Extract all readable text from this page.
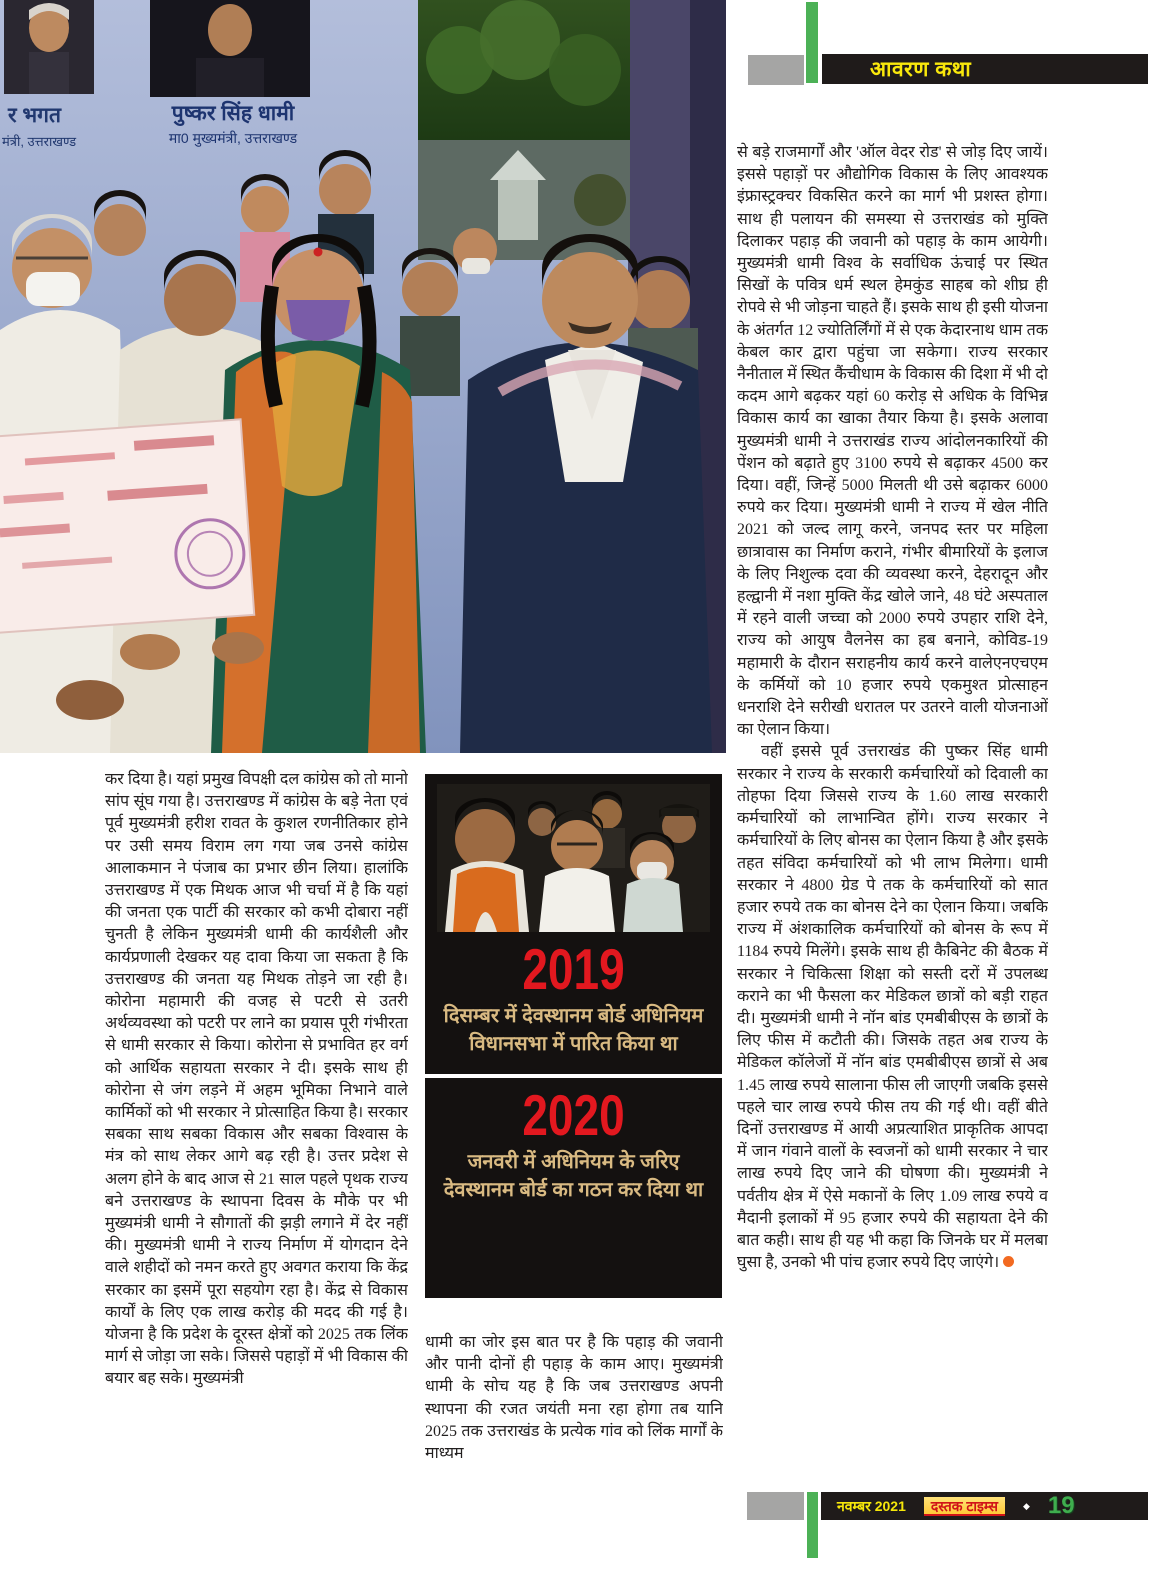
र भगत
मंत्री, उत्तराखण्ड
पुष्कर सिंह धामी
मा0 मुख्यमंत्री, उत्तराखण्ड
आवरण कथा

से बड़े राजमार्गों और 'ऑल वेदर रोड' से जोड़ दिए जायें। इससे पहाड़ों पर औद्योगिक विकास के लिए आवश्यक इंफ्रास्ट्रक्चर विकसित करने का मार्ग भी प्रशस्त होगा। साथ ही पलायन की समस्या से उत्तराखंड को मुक्ति दिलाकर पहाड़ की जवानी को पहाड़ के काम आयेगी। मुख्यमंत्री धामी विश्व के सर्वाधिक ऊंचाई पर स्थित सिखों के पवित्र धर्म स्थल हेमकुंड साहब को शीघ्र ही रोपवे से भी जोड़ना चाहते हैं। इसके साथ ही इसी योजना के अंतर्गत 12 ज्योतिर्लिंगों में से एक केदारनाथ धाम तक केबल कार द्वारा पहुंचा जा सकेगा। राज्य सरकार नैनीताल में स्थित कैंचीधाम के विकास की दिशा में भी दो कदम आगे बढ़कर यहां 60 करोड़ से अधिक के विभिन्न विकास कार्य का खाका तैयार किया है। इसके अलावा मुख्यमंत्री धामी ने उत्तराखंड राज्य आंदोलनकारियों की पेंशन को बढ़ाते हुए 3100 रुपये से बढ़ाकर 4500 कर दिया। वहीं, जिन्हें 5000 मिलती थी उसे बढ़ाकर 6000 रुपये कर दिया। मुख्यमंत्री धामी ने राज्य में खेल नीति 2021 को जल्द लागू करने, जनपद स्तर पर महिला छात्रावास का निर्माण कराने, गंभीर बीमारियों के इलाज के लिए निशुल्क दवा की व्यवस्था करने, देहरादून और हल्द्वानी में नशा मुक्ति केंद्र खोले जाने, 48 घंटे अस्पताल में रहने वाली जच्चा को 2000 रुपये उपहार राशि देने, राज्य को आयुष वैलनेस का हब बनाने, कोविड-19 महामारी के दौरान सराहनीय कार्य करने वालेएनएचएम के कर्मियों को 10 हजार रुपये एकमुश्त प्रोत्साहन धनराशि देने सरीखी धरातल पर उतरने वाली योजनाओं का ऐलान किया।

वहीं इससे पूर्व उत्तराखंड की पुष्कर सिंह धामी सरकार ने राज्य के सरकारी कर्मचारियों को दिवाली का तोहफा दिया जिससे राज्य के 1.60 लाख सरकारी कर्मचारियों को लाभान्वित होंगे। राज्य सरकार ने कर्मचारियों के लिए बोनस का ऐलान किया है और इसके तहत संविदा कर्मचारियों को भी लाभ मिलेगा। धामी सरकार ने 4800 ग्रेड पे तक के कर्मचारियों को सात हजार रुपये तक का बोनस देने का ऐलान किया। जबकि राज्य में अंशकालिक कर्मचारियों को बोनस के रूप में 1184 रुपये मिलेंगे। इसके साथ ही कैबिनेट की बैठक में सरकार ने चिकित्सा शिक्षा को सस्ती दरों में उपलब्ध कराने का भी फैसला कर मेडिकल छात्रों को बड़ी राहत दी। मुख्यमंत्री धामी ने नॉन बांड एमबीबीएस के छात्रों के लिए फीस में कटौती की। जिसके तहत अब राज्य के मेडिकल कॉलेजों में नॉन बांड एमबीबीएस छात्रों से अब 1.45 लाख रुपये सालाना फीस ली जाएगी जबकि इससे पहले चार लाख रुपये फीस तय की गई थी। वहीं बीते दिनों उत्तराखण्ड में आयी अप्रत्याशित प्राकृतिक आपदा में जान गंवाने वालों के स्वजनों को धामी सरकार ने चार लाख रुपये दिए जाने की घोषणा की। मुख्यमंत्री ने पर्वतीय क्षेत्र में ऐसे मकानों के लिए 1.09 लाख रुपये व मैदानी इलाकों में 95 हजार रुपये की सहायता देने की बात कही। साथ ही यह भी कहा कि जिनके घर में मलबा घुसा है, उनको भी पांच हजार रुपये दिए जाएंगे।

कर दिया है। यहां प्रमुख विपक्षी दल कांग्रेस को तो मानो सांप सूंघ गया है। उत्तराखण्ड में कांग्रेस के बड़े नेता एवं पूर्व मुख्यमंत्री हरीश रावत के कुशल रणनीतिकार होने पर उसी समय विराम लग गया जब उनसे कांग्रेस आलाकमान ने पंजाब का प्रभार छीन लिया। हालांकि उत्तराखण्ड में एक मिथक आज भी चर्चा में है कि यहां की जनता एक पार्टी की सरकार को कभी दोबारा नहीं चुनती है लेकिन मुख्यमंत्री धामी की कार्यशैली और कार्यप्रणाली देखकर यह दावा किया जा सकता है कि उत्तराखण्ड की जनता यह मिथक तोड़ने जा रही है। कोरोना महामारी की वजह से पटरी से उतरी अर्थव्यवस्था को पटरी पर लाने का प्रयास पूरी गंभीरता से धामी सरकार से किया। कोरोना से प्रभावित हर वर्ग को आर्थिक सहायता सरकार ने दी। इसके साथ ही कोरोना से जंग लड़ने में अहम भूमिका निभाने वाले कार्मिकों को भी सरकार ने प्रोत्साहित किया है। सरकार सबका साथ सबका विकास और सबका विश्वास के मंत्र को साथ लेकर आगे बढ़ रही है। उत्तर प्रदेश से अलग होने के बाद आज से 21 साल पहले पृथक राज्य बने उत्तराखण्ड के स्थापना दिवस के मौके पर भी मुख्यमंत्री धामी ने सौगातों की झड़ी लगाने में देर नहीं की। मुख्यमंत्री धामी ने राज्य निर्माण में योगदान देने वाले शहीदों को नमन करते हुए अवगत कराया कि केंद्र सरकार का इसमें पूरा सहयोग रहा है। केंद्र से विकास कार्यों के लिए एक लाख करोड़ की मदद की गई है। योजना है कि प्रदेश के दूरस्त क्षेत्रों को 2025 तक लिंक मार्ग से जोड़ा जा सके। जिससे पहाड़ों में भी विकास की बयार बह सके। मुख्यमंत्री

2019
दिसम्बर में देवस्थानम बोर्ड अधिनियम विधानसभा में पारित किया था
2020
जनवरी में अधिनियम के जरिए देवस्थानम बोर्ड का गठन कर दिया था

धामी का जोर इस बात पर है कि पहाड़ की जवानी और पानी दोनों ही पहाड़ के काम आए। मुख्यमंत्री धामी के सोच यह है कि जब उत्तराखण्ड अपनी स्थापना की रजत जयंती मना रहा होगा तब यानि 2025 तक उत्तराखंड के प्रत्येक गांव को लिंक मार्गों के माध्यम

नवम्बर 2021	दस्तक टाइम्स	◆ 19
